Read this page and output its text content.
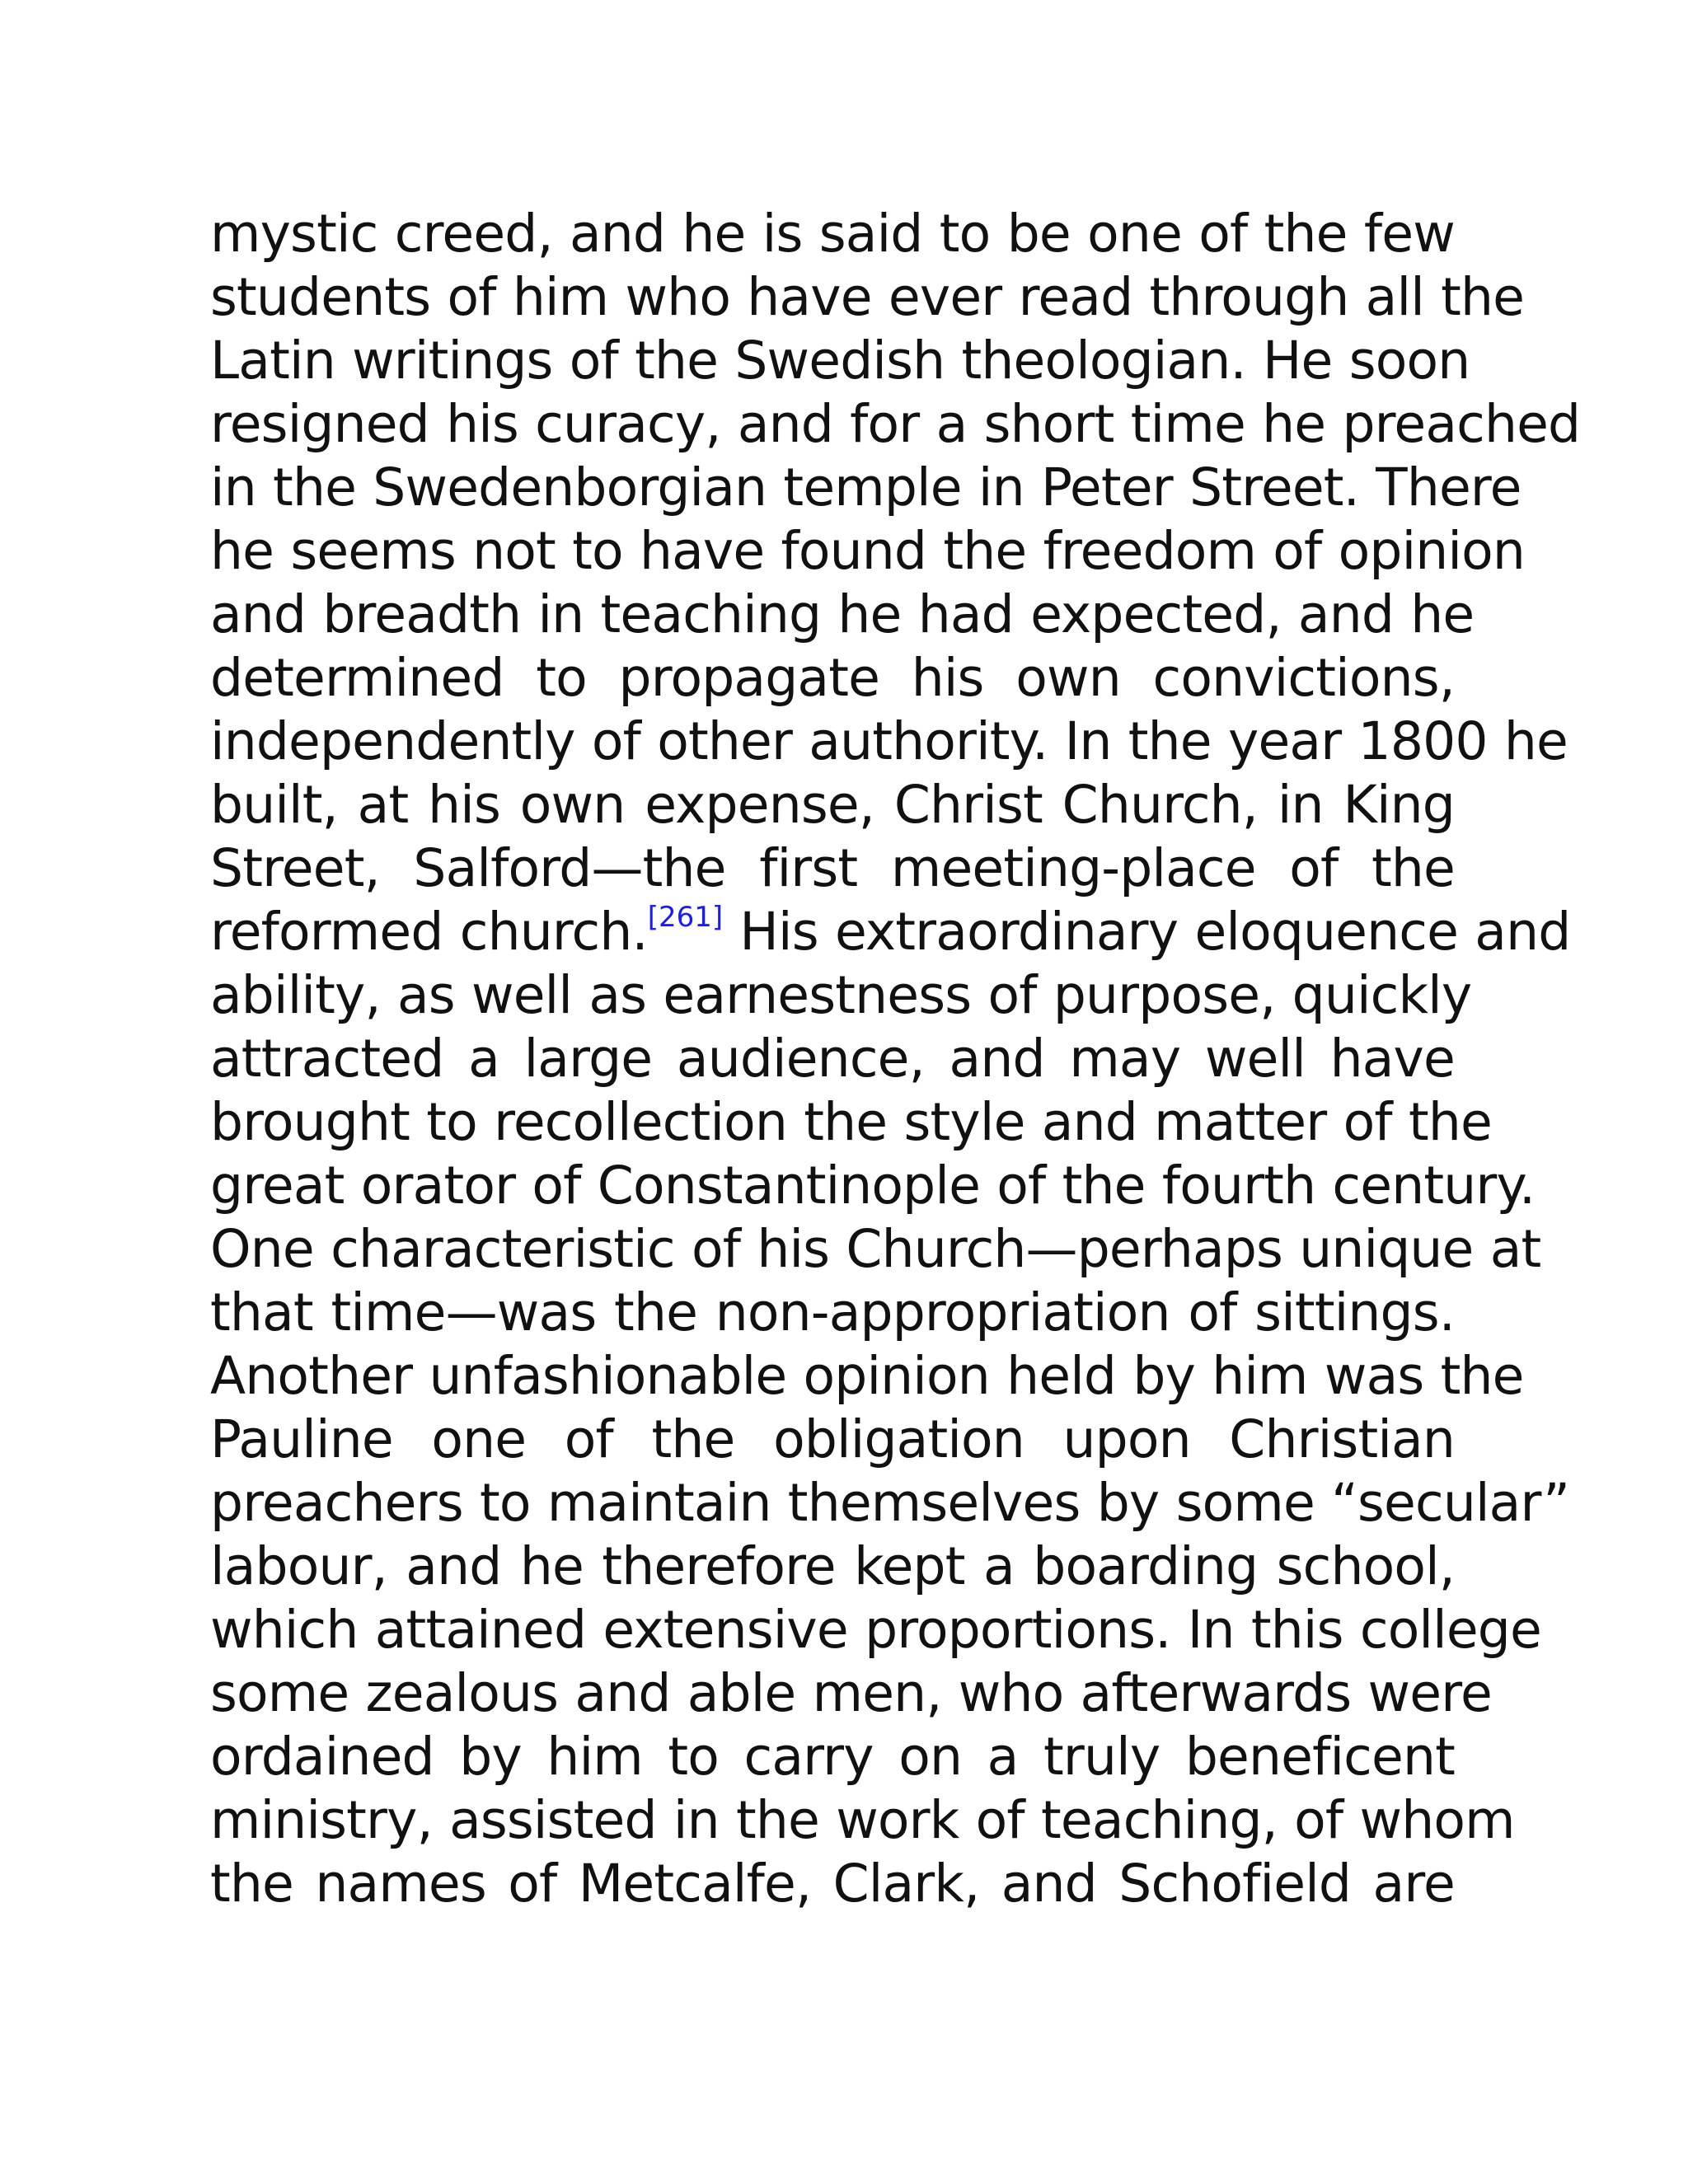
mystic creed, and he is said to be one of the few
students of him who have ever read through all the
Latin writings of the Swedish theologian. He soon
resigned his curacy, and for a short time he preached
in the Swedenborgian temple in Peter Street. There
he seems not to have found the freedom of opinion
and breadth in teaching he had expected, and he
determined to propagate his own convictions,
independently of other authority. In the year 1800 he
built, at his own expense, Christ Church, in King
Street, Salford—the first meeting-place of the
reformed church.[261] His extraordinary eloquence and
ability, as well as earnestness of purpose, quickly
attracted a large audience, and may well have
brought to recollection the style and matter of the
great orator of Constantinople of the fourth century.
One characteristic of his Church—perhaps unique at
that time—was the non-appropriation of sittings.
Another unfashionable opinion held by him was the
Pauline one of the obligation upon Christian
preachers to maintain themselves by some “secular”
labour, and he therefore kept a boarding school,
which attained extensive proportions. In this college
some zealous and able men, who afterwards were
ordained by him to carry on a truly beneficent
ministry, assisted in the work of teaching, of whom
the names of Metcalfe, Clark, and Schofield are
